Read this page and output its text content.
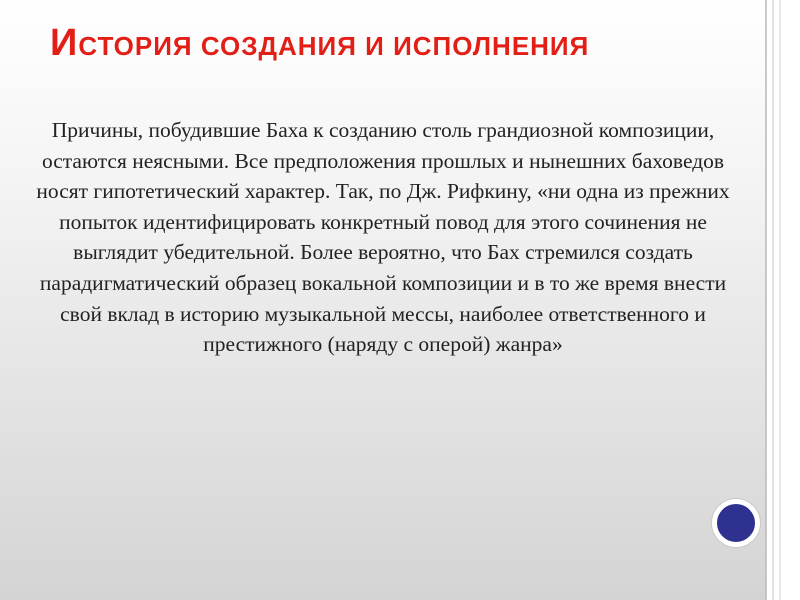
ИСТОРИЯ СОЗДАНИЯ И ИСПОЛНЕНИЯ

Причины, побудившие Баха к созданию столь грандиозной композиции, остаются неясными. Все предположения прошлых и нынешних баховедов носят гипотетический характер. Так, по Дж. Рифкину, «ни одна из прежних попыток идентифицировать конкретный повод для этого сочинения не выглядит убедительной. Более вероятно, что Бах стремился создать парадигматический образец вокальной композиции и в то же время внести свой вклад в историю музыкальной мессы, наиболее ответственного и престижного (наряду с оперой) жанра»
